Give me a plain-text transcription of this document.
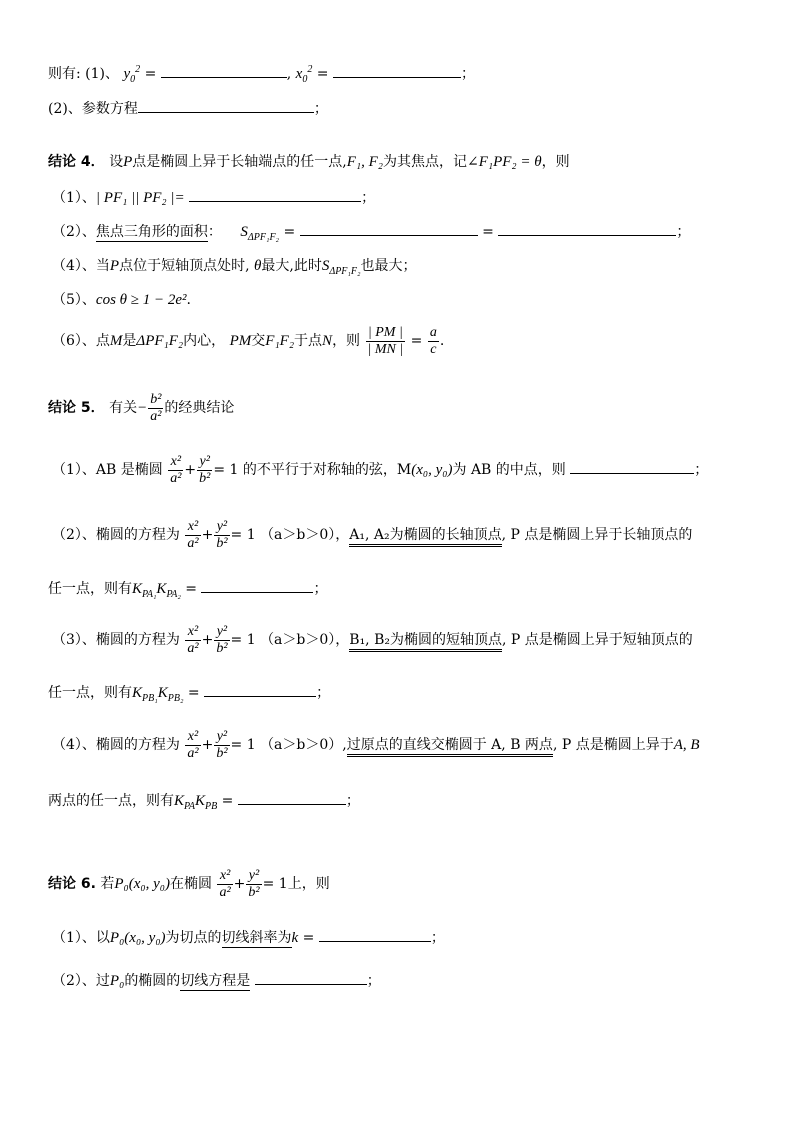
则有: (1)、 $y_0^2$ =	, $x_0^2$ =	；
(2)、参数方程	；
结论 4． 设P点是椭圆上异于长轴端点的任一点,F₁, F₂为其焦点，记∠F₁PF₂ = θ，则
（1）、| PF₁ || PF₂ |=	；
（2）、焦点三角形的面积： $S_{\Delta PF_1F_2}$ =	=	；
（4）、当P点位于短轴顶点处时, θ最大,此时$S_{\Delta PF_1F_2}$也最大；
（5）、cos θ ≥ 1 − 2e².
（6）、点M是ΔPF₁F₂内心， PM交F₁F₂于点N，则 $\frac{| PM |}{| MN |} = \frac{a}{c}$ .
结论 5． 有关− $\frac{\text{b²}}{\text{a²}}$ 的经典结论
（1）、AB 是椭圆 $\frac{\text{x²}}{\text{a²}} + \frac{\text{y²}}{\text{b²}} = 1$ 的不平行于对称轴的弦，M(x₀, y₀)为 AB 的中点，则	；
（2）、椭圆的方程为 $\frac{\text{x²}}{\text{a²}} + \frac{\text{y²}}{\text{b²}} = 1$ （a＞b＞0），A₁, A₂为椭圆的长轴顶点, P 点是椭圆上异于长轴顶点的
任一点，则有$K_{PA_1}K_{PA_2}$ =	；
（3）、椭圆的方程为 $\frac{\text{x²}}{\text{a²}} + \frac{\text{y²}}{\text{b²}} = 1$ （a＞b＞0），B₁, B₂为椭圆的短轴顶点, P 点是椭圆上异于短轴顶点的
任一点，则有$K_{PB_1}K_{PB_2}$ =	；
（4）、椭圆的方程为 $\frac{\text{x²}}{\text{a²}} + \frac{\text{y²}}{\text{b²}} = 1$ （a＞b＞0）,过原点的直线交椭圆于 A, B 两点, P 点是椭圆上异于A, B
两点的任一点，则有$K_{PA}K_{PB}$ =	；
结论 6. 若P₀(x₀, y₀)在椭圆 $\frac{\text{x²}}{\text{a²}} + \frac{\text{y²}}{\text{b²}} = 1$上，则
（1）、以P₀(x₀, y₀)为切点的切线斜率为k =	；
（2）、过P₀的椭圆的切线方程是	；
